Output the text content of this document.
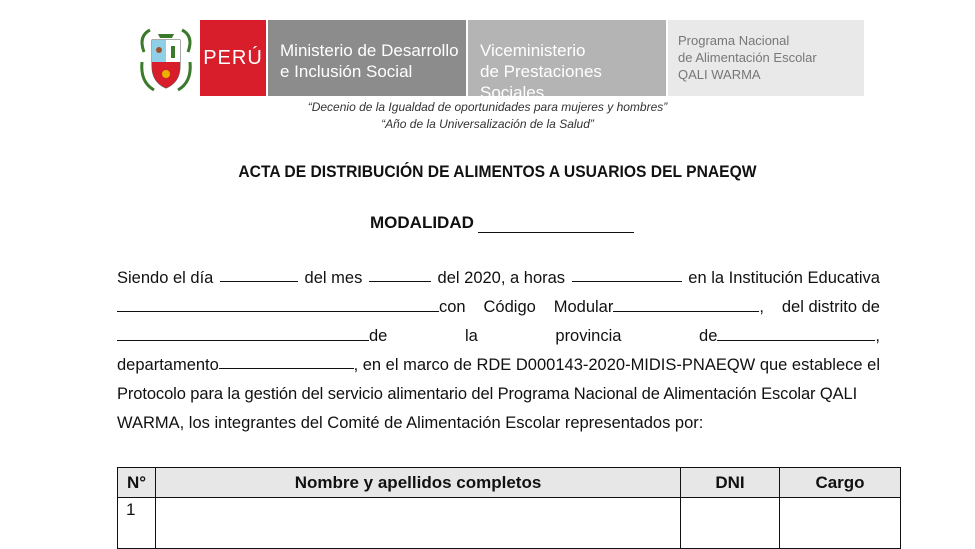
PERÚ Ministerio de Desarrollo
e Inclusión Social
Viceministerio
de Prestaciones Sociales
Programa Nacional
de Alimentación Escolar
QALI WARMA
“Decenio de la Igualdad de oportunidades para mujeres y hombres”
“Año de la Universalización de la Salud”
ACTA DE DISTRIBUCIÓN DE ALIMENTOS A USUARIOS DEL PNAEQW
MODALIDAD
Siendo el día	del mes	del 2020, a horas	en la Institución Educativa
con Código Modular	, del distrito de
de	la	provincia	de	,
departamento	, en el marco de RDE D000143-2020-MIDIS-PNAEQW que establece el
Protocolo para la gestión del servicio alimentario del Programa Nacional de Alimentación Escolar QALI
WARMA, los integrantes del Comité de Alimentación Escolar representados por:
N°	Nombre y apellidos completos	DNI	Cargo
1			
